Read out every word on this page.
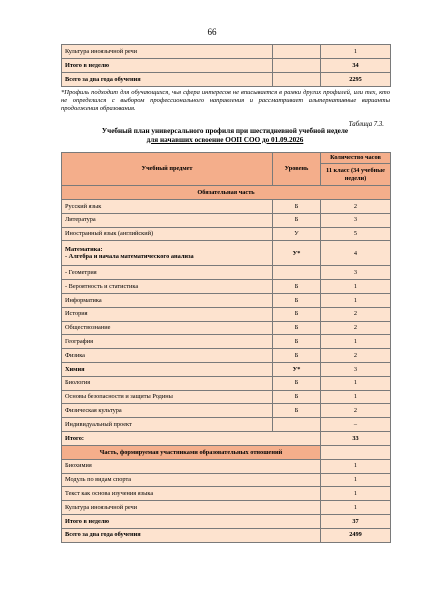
66
Культура иноязычной речи		1
Итого в неделю		34
Всего за два года обучения		2295
*Профиль подходит для обучающихся, чья сфера интересов не вписывается в рамки других профилей, или тех, кто не определился с выбором профессионального направления и рассматривает альтернативные варианты продолжения образования.
Таблица 7.3.
Учебный план универсального профиля при шестидневной учебной неделе
для начавших освоение ООП СОО до 01.09.2026
Учебный предмет	Уровень	Количество часов
		11 класс (34 учебные недели)
Обязательная часть		
Русский язык	Б	2
Литература	Б	3
Иностранный язык (английский)	У	5

Математика:
- Алгебра и начала математического анализа	У*	4
- Геометрия		3
- Вероятность и статистика	Б	1
Информатика	Б	1
История	Б	2
Обществознание	Б	2
География	Б	1
Физика	Б	2
Химия	У*	3
Биология	Б	1
Основы безопасности и защиты Родины	Б	1
Физическая культура	Б	2
Индивидуальный проект		–
Итого:		33
Часть, формируемая участниками образовательных отношений		
Биохимия		1
Модуль по видам спорта		1
Текст как основа изучения языка		1
Культура иноязычной речи		1
Итого в неделю		37
Всего за два года обучения		2499
